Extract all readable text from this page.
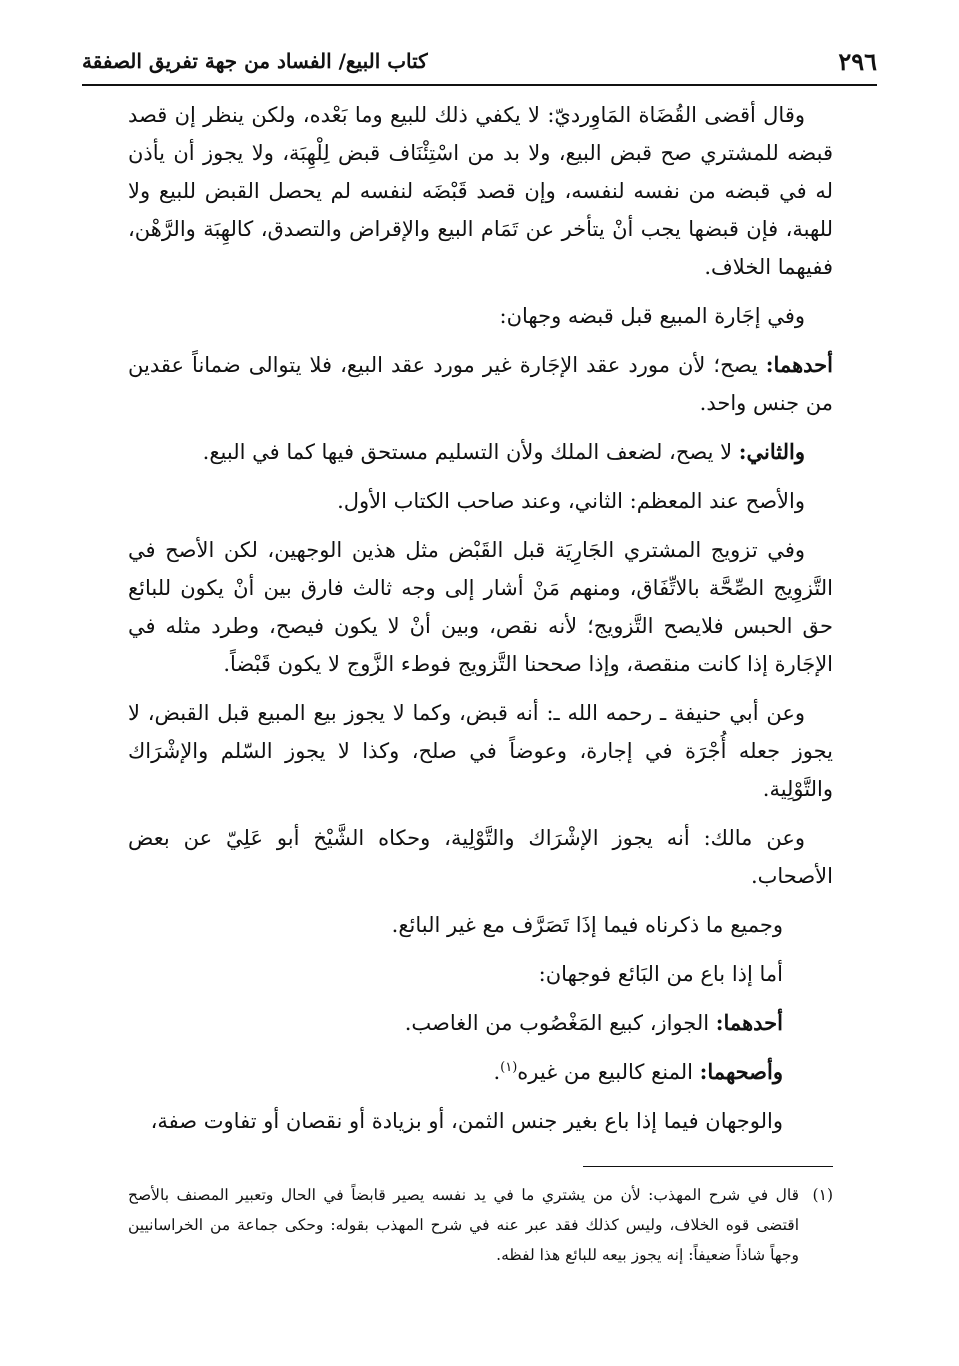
٢٩٦
كتاب البيع/ الفساد من جهة تفريق الصفقة

وقال أقضى القُضَاة المَاوِرديّ: لا يكفي ذلك للبيع وما بَعْده، ولكن ينظر إن قصد قبضه للمشتري صح قبض البيع، ولا بد من اسْتِئْنَاف قبض لِلْهِبَة، ولا يجوز أن يأذن له في قبضه من نفسه لنفسه، وإن قصد قَبْضَه لنفسه لم يحصل القبض للبيع ولا للهبة، فإن قبضها يجب أنْ يتأخر عن تَمَام البيع والإقراض والتصدق، كالهِبَة والرَّهْن، ففيهما الخلاف.

وفي إجَارة المبيع قبل قبضه وجهان:

أحدهما: يصح؛ لأن مورد عقد الإجَارة غير مورد عقد البيع، فلا يتوالى ضماناً عقدين من جنس واحد.

والثاني: لا يصح، لضعف الملك ولأن التسليم مستحق فيها كما في البيع.

والأصح عند المعظم: الثاني، وعند صاحب الكتاب الأول.

وفي تزويج المشتري الجَارِيَة قبل القَبْض مثل هذين الوجهين، لكن الأصح في التَّزوِيج الصِّحَّة بالاتِّفَاق، ومنهم مَنْ أشار إلى وجه ثالث فارق بين أنْ يكون للبائع حق الحبس فلايصح التَّزويج؛ لأنه نقص، وبين أنْ لا يكون فيصح، وطرد مثله في الإجَارة إذا كانت منقصة، وإذا صححنا التَّزويج فوطء الزَّوج لا يكون قَبْضاً.

وعن أبي حنيفة ـ رحمه الله ـ: أنه قبض، وكما لا يجوز بيع المبيع قبل القبض، لا يجوز جعله أُجْرَة في إجارة، وعوضاً في صلح، وكذا لا يجوز السّلم والإشْرَاك والتَّوْلِية.

وعن مالك: أنه يجوز الإشْرَاك والتَّوْلِية، وحكاه الشَّيْخ أبو عَلِيّ عن بعض الأصحاب.

وجميع ما ذكرناه فيما إذَا تَصَرَّف مع غير البائع.

أما إذا باع من البَائع فوجهان:

أحدهما: الجواز، كبيع المَغْصُوب من الغاصب.

وأصحهما: المنع كالبيع من غيره$^{(١)}$.

والوجهان فيما إذا باع بغير جنس الثمن، أو بزيادة أو نقصان أو تفاوت صفة،

(١)
قال في شرح المهذب: لأن من يشتري ما في يد نفسه يصير قابضاً في الحال وتعبير المصنف بالأصح اقتضى قوه الخلاف، وليس كذلك فقد عبر عنه في شرح المهذب بقوله: وحكى جماعة من الخراسانيين وجهاً شاذاً ضعيفاً: إنه يجوز بيعه للبائع هذا لفظه.
